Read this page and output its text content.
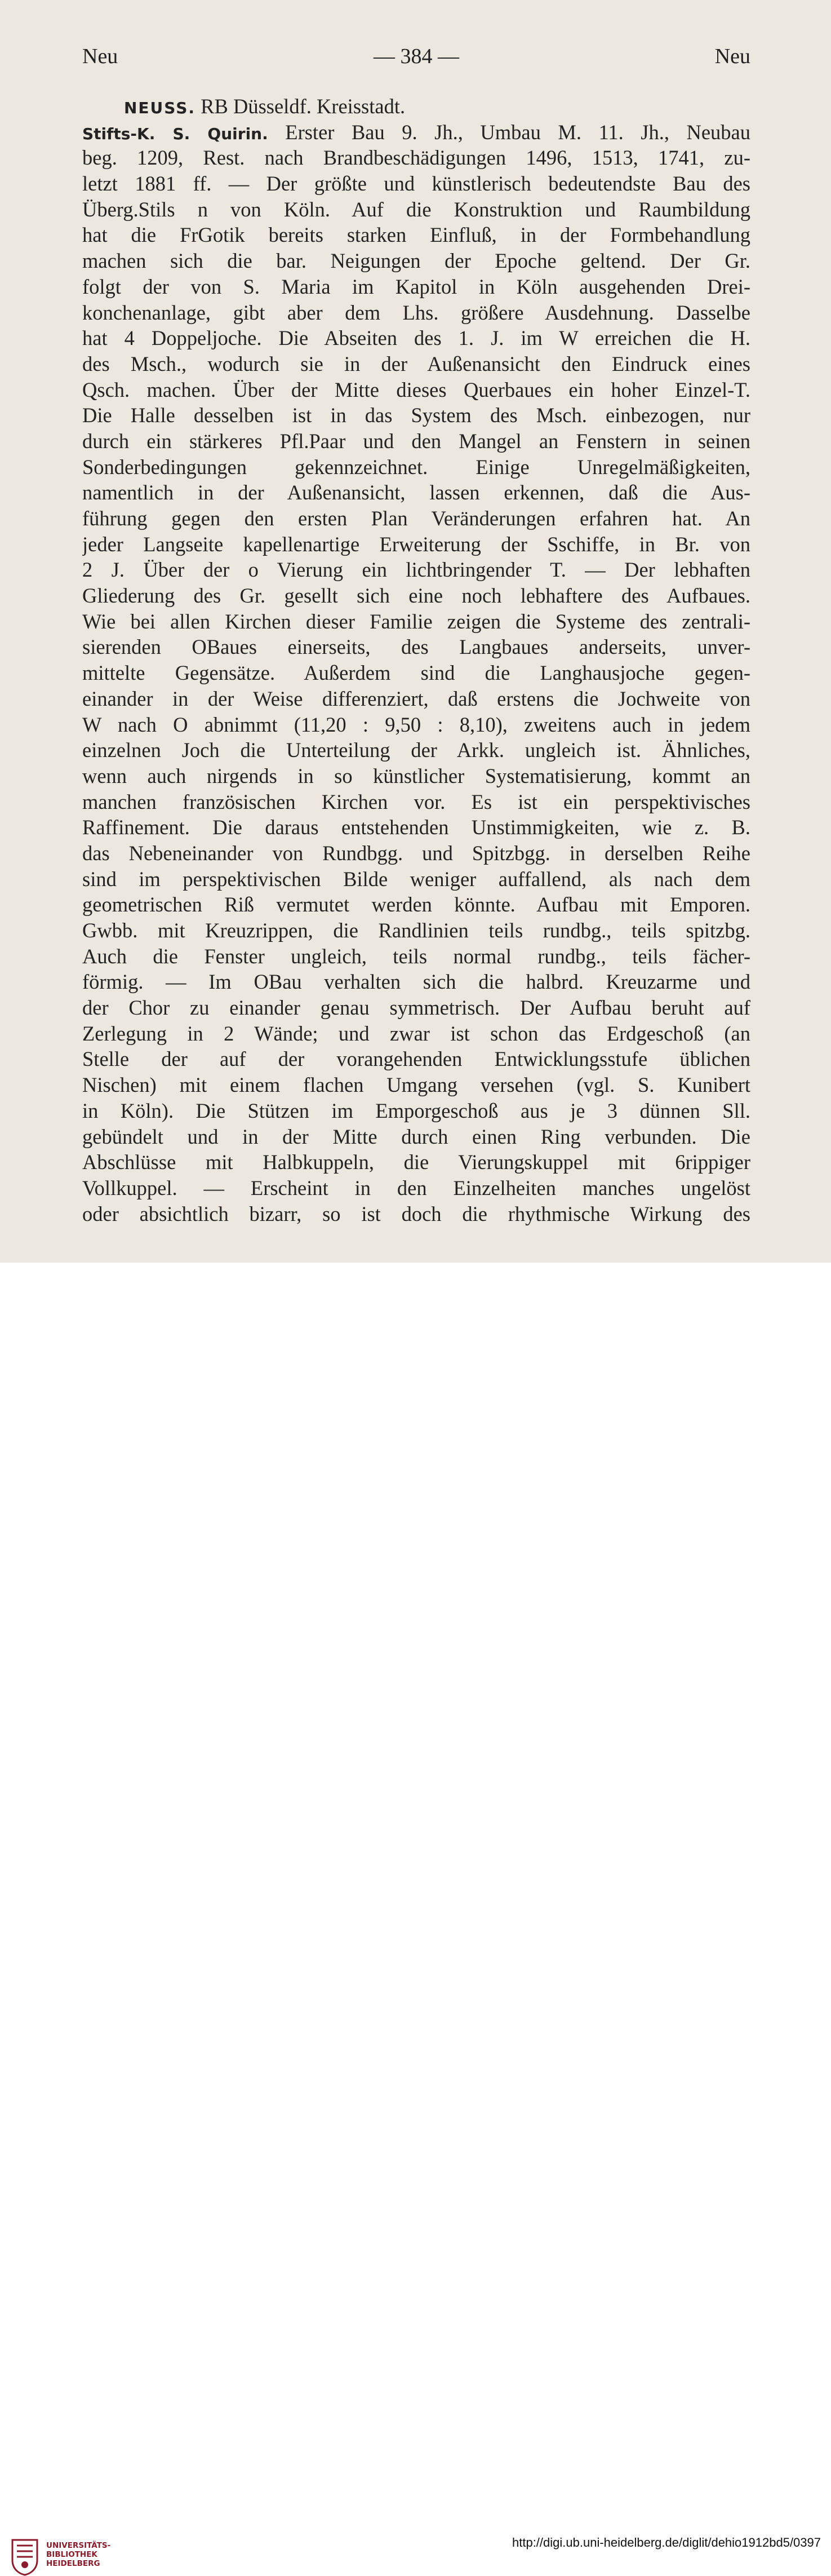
Neu	— 384 —	Neu
NEUSS. RB Düsseldf. Kreisstadt.
Stifts-K. S. Quirin. Erster Bau 9. Jh., Umbau M. 11. Jh., Neubau
beg. 1209, Rest. nach Brandbeschädigungen 1496, 1513, 1741, zu-
letzt 1881 ff. — Der größte und künstlerisch bedeutendste Bau des
Überg.Stils n von Köln. Auf die Konstruktion und Raumbildung
hat die FrGotik bereits starken Einfluß, in der Formbehandlung
machen sich die bar. Neigungen der Epoche geltend. Der Gr.
folgt der von S. Maria im Kapitol in Köln ausgehenden Drei-
konchenanlage, gibt aber dem Lhs. größere Ausdehnung. Dasselbe
hat 4 Doppeljoche. Die Abseiten des 1. J. im W erreichen die H.
des Msch., wodurch sie in der Außenansicht den Eindruck eines
Qsch. machen. Über der Mitte dieses Querbaues ein hoher Einzel-T.
Die Halle desselben ist in das System des Msch. einbezogen, nur
durch ein stärkeres Pfl.Paar und den Mangel an Fenstern in seinen
Sonderbedingungen gekennzeichnet. Einige Unregelmäßigkeiten,
namentlich in der Außenansicht, lassen erkennen, daß die Aus-
führung gegen den ersten Plan Veränderungen erfahren hat. An
jeder Langseite kapellenartige Erweiterung der Sschiffe, in Br. von
2 J. Über der o Vierung ein lichtbringender T. — Der lebhaften
Gliederung des Gr. gesellt sich eine noch lebhaftere des Aufbaues.
Wie bei allen Kirchen dieser Familie zeigen die Systeme des zentrali-
sierenden OBaues einerseits, des Langbaues anderseits, unver-
mittelte Gegensätze. Außerdem sind die Langhausjoche gegen-
einander in der Weise differenziert, daß erstens die Jochweite von
W nach O abnimmt (11,20 : 9,50 : 8,10), zweitens auch in jedem
einzelnen Joch die Unterteilung der Arkk. ungleich ist. Ähnliches,
wenn auch nirgends in so künstlicher Systematisierung, kommt an
manchen französischen Kirchen vor. Es ist ein perspektivisches
Raffinement. Die daraus entstehenden Unstimmigkeiten, wie z. B.
das Nebeneinander von Rundbgg. und Spitzbgg. in derselben Reihe
sind im perspektivischen Bilde weniger auffallend, als nach dem
geometrischen Riß vermutet werden könnte. Aufbau mit Emporen.
Gwbb. mit Kreuzrippen, die Randlinien teils rundbg., teils spitzbg.
Auch die Fenster ungleich, teils normal rundbg., teils fächer-
förmig. — Im OBau verhalten sich die halbrd. Kreuzarme und
der Chor zu einander genau symmetrisch. Der Aufbau beruht auf
Zerlegung in 2 Wände; und zwar ist schon das Erdgeschoß (an
Stelle der auf der vorangehenden Entwicklungsstufe üblichen
Nischen) mit einem flachen Umgang versehen (vgl. S. Kunibert
in Köln). Die Stützen im Emporgeschoß aus je 3 dünnen Sll.
gebündelt und in der Mitte durch einen Ring verbunden. Die
Abschlüsse mit Halbkuppeln, die Vierungskuppel mit 6rippiger
Vollkuppel. — Erscheint in den Einzelheiten manches ungelöst
oder absichtlich bizarr, so ist doch die rhythmische Wirkung des
UNIVERSITÄTS-
BIBLIOTHEK
HEIDELBERG
http://digi.ub.uni-heidelberg.de/diglit/dehio1912bd5/0397
